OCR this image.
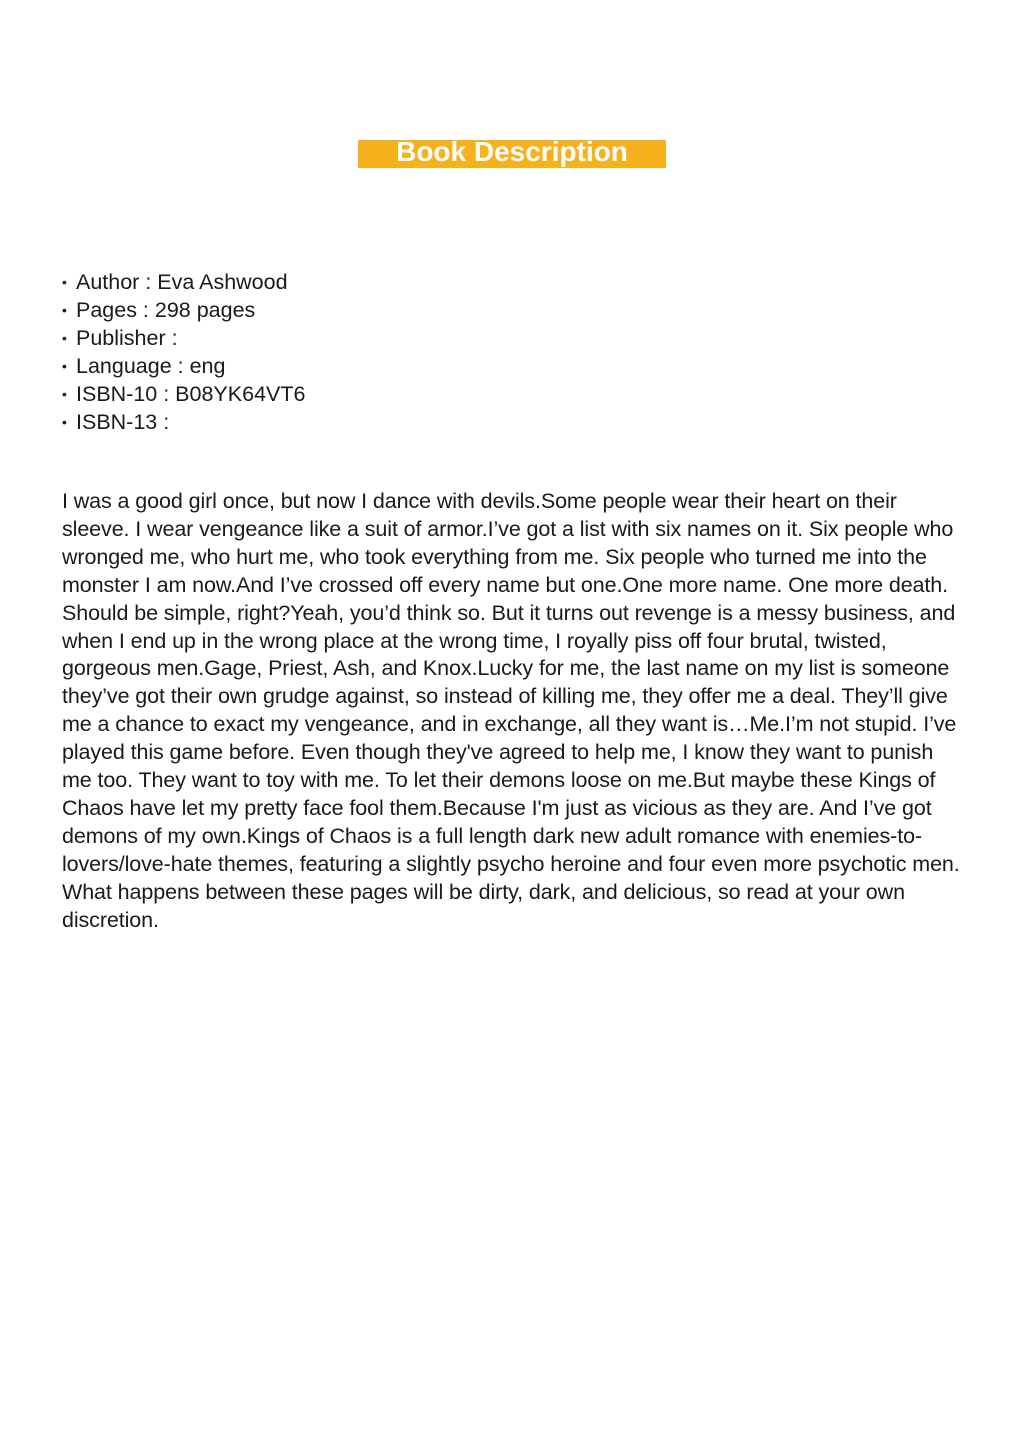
Book Description
• Author : Eva Ashwood
• Pages : 298 pages
• Publisher :
• Language : eng
• ISBN-10 : B08YK64VT6
• ISBN-13 :

I was a good girl once, but now I dance with devils.Some people wear their heart on their sleeve. I wear vengeance like a suit of armor.I’ve got a list with six names on it. Six people who wronged me, who hurt me, who took everything from me. Six people who turned me into the monster I am now.And I’ve crossed off every name but one.One more name. One more death. Should be simple, right?Yeah, you’d think so. But it turns out revenge is a messy business, and when I end up in the wrong place at the wrong time, I royally piss off four brutal, twisted, gorgeous men.Gage, Priest, Ash, and Knox.Lucky for me, the last name on my list is someone they’ve got their own grudge against, so instead of killing me, they offer me a deal. They’ll give me a chance to exact my vengeance, and in exchange, all they want is…Me.I’m not stupid. I’ve played this game before. Even though they've agreed to help me, I know they want to punish me too. They want to toy with me. To let their demons loose on me.But maybe these Kings of Chaos have let my pretty face fool them.Because I'm just as vicious as they are. And I’ve got demons of my own.Kings of Chaos is a full length dark new adult romance with enemies-to-lovers/love-hate themes, featuring a slightly psycho heroine and four even more psychotic men. What happens between these pages will be dirty, dark, and delicious, so read at your own discretion.
